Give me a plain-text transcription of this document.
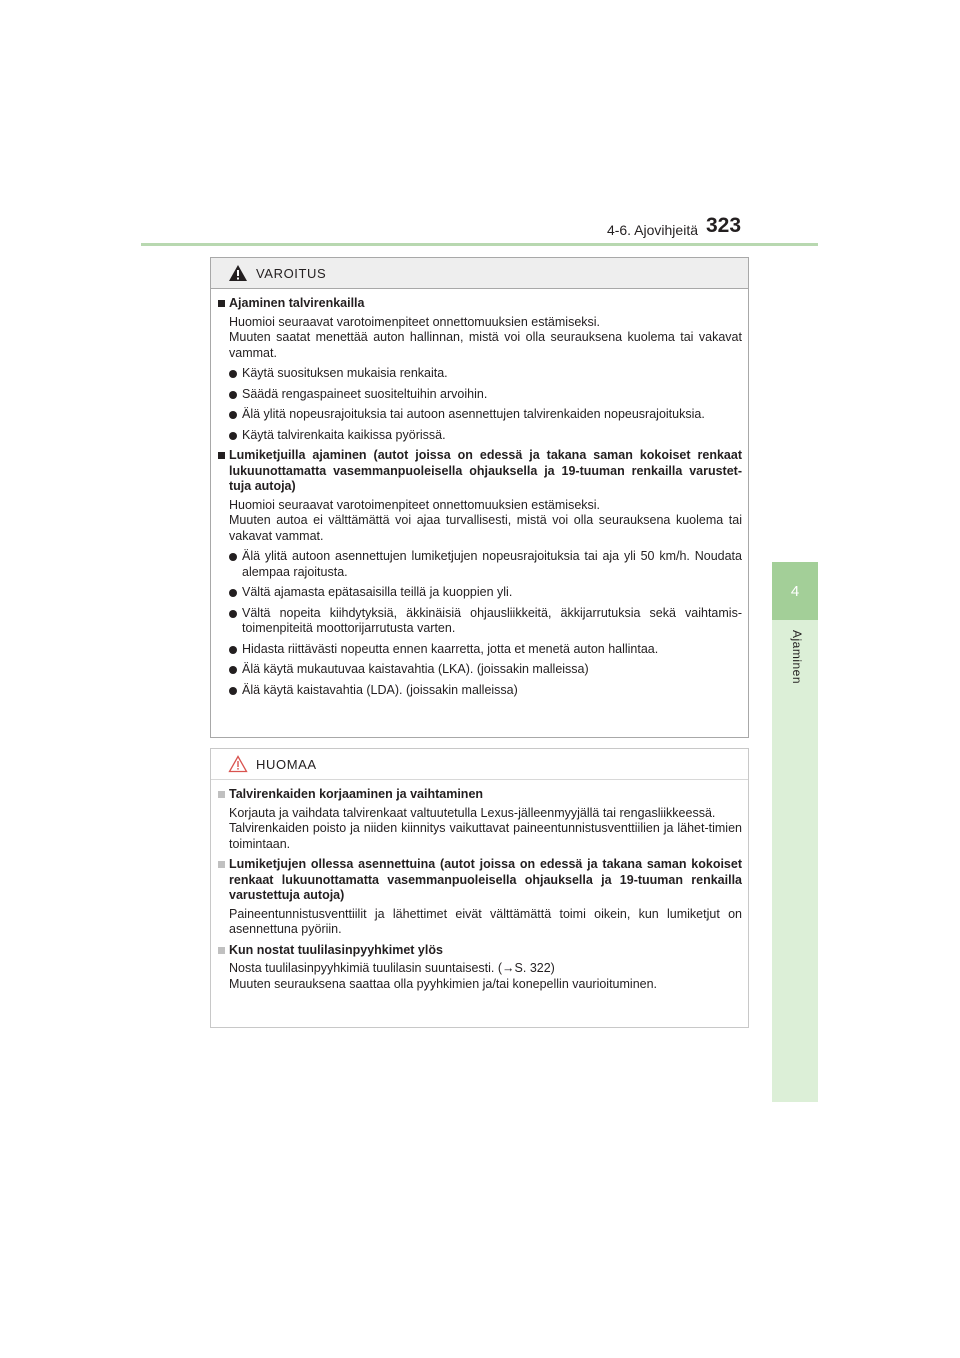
4-6. Ajovihjeitä 323
4
Ajaminen
VAROITUS
Ajaminen talvirenkailla
Huomioi seuraavat varotoimenpiteet onnettomuuksien estämiseksi.
Muuten saatat menettää auton hallinnan, mistä voi olla seurauksena kuolema tai vakavat vammat.
Käytä suosituksen mukaisia renkaita.
Säädä rengaspaineet suositeltuihin arvoihin.
Älä ylitä nopeusrajoituksia tai autoon asennettujen talvirenkaiden nopeusrajoituksia.
Käytä talvirenkaita kaikissa pyörissä.
Lumiketjuilla ajaminen (autot joissa on edessä ja takana saman kokoiset renkaat lukuunottamatta vasemmanpuoleisella ohjauksella ja 19-tuuman renkailla varustet-tuja autoja)
Huomioi seuraavat varotoimenpiteet onnettomuuksien estämiseksi.
Muuten autoa ei välttämättä voi ajaa turvallisesti, mistä voi olla seurauksena kuolema tai vakavat vammat.
Älä ylitä autoon asennettujen lumiketjujen nopeusrajoituksia tai aja yli 50 km/h. Noudata alempaa rajoitusta.
Vältä ajamasta epätasaisilla teillä ja kuoppien yli.
Vältä nopeita kiihdytyksiä, äkkinäisiä ohjausliikkeitä, äkkijarrutuksia sekä vaihtamis-toimenpiteitä moottorijarrutusta varten.
Hidasta riittävästi nopeutta ennen kaarretta, jotta et menetä auton hallintaa.
Älä käytä mukautuvaa kaistavahtia (LKA). (joissakin malleissa)
Älä käytä kaistavahtia (LDA). (joissakin malleissa)
HUOMAA
Talvirenkaiden korjaaminen ja vaihtaminen
Korjauta ja vaihdata talvirenkaat valtuutetulla Lexus-jälleenmyyjällä tai rengasliikkeessä.
Talvirenkaiden poisto ja niiden kiinnitys vaikuttavat paineentunnistusventtiilien ja lähet-timien toimintaan.
Lumiketjujen ollessa asennettuina (autot joissa on edessä ja takana saman kokoiset renkaat lukuunottamatta vasemmanpuoleisella ohjauksella ja 19-tuuman renkailla varustettuja autoja)
Paineentunnistusventtiilit ja lähettimet eivät välttämättä toimi oikein, kun lumiketjut on asennettuna pyöriin.
Kun nostat tuulilasinpyyhkimet ylös
Nosta tuulilasinpyyhkimiä tuulilasin suuntaisesti. (→S. 322)
Muuten seurauksena saattaa olla pyyhkimien ja/tai konepellin vaurioituminen.
